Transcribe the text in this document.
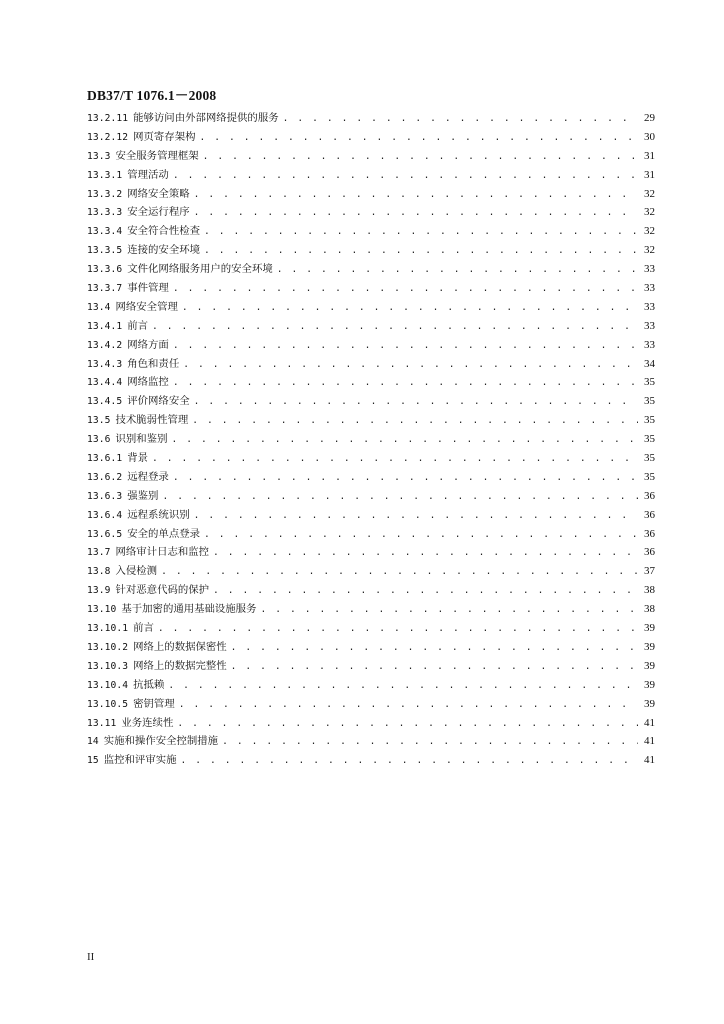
DB37/T 1076.1－2008
13.2.11 能够访问由外部网络提供的服务 . . .	29
13.2.12 网页寄存架构 . . .	30
13.3 安全服务管理框架 . . .	31
13.3.1 管理活动 . . .	31
13.3.2 网络安全策略 . . .	32
13.3.3 安全运行程序 . . .	32
13.3.4 安全符合性检查 . . .	32
13.3.5 连接的安全环境 . . .	32
13.3.6 文件化网络服务用户的安全环境 . . .	33
13.3.7 事件管理 . . .	33
13.4 网络安全管理 . . .	33
13.4.1 前言 . . .	33
13.4.2 网络方面 . . .	33
13.4.3 角色和责任 . . .	34
13.4.4 网络监控 . . .	35
13.4.5 评价网络安全 . . .	35
13.5 技术脆弱性管理 . . .	35
13.6 识别和鉴别 . . .	35
13.6.1 背景 . . .	35
13.6.2 远程登录 . . .	35
13.6.3 强鉴别 . . .	36
13.6.4 远程系统识别 . . .	36
13.6.5 安全的单点登录 . . .	36
13.7 网络审计日志和监控 . . .	36
13.8 入侵检测 . . .	37
13.9 针对恶意代码的保护 . . .	38
13.10 基于加密的通用基础设施服务 . . .	38
13.10.1 前言 . . .	39
13.10.2 网络上的数据保密性 . . .	39
13.10.3 网络上的数据完整性 . . .	39
13.10.4 抗抵赖 . . .	39
13.10.5 密钥管理 . . .	39
13.11 业务连续性 . . .	41
14 实施和操作安全控制措施 . . .	41
15 监控和评审实施 . . .	41
II
